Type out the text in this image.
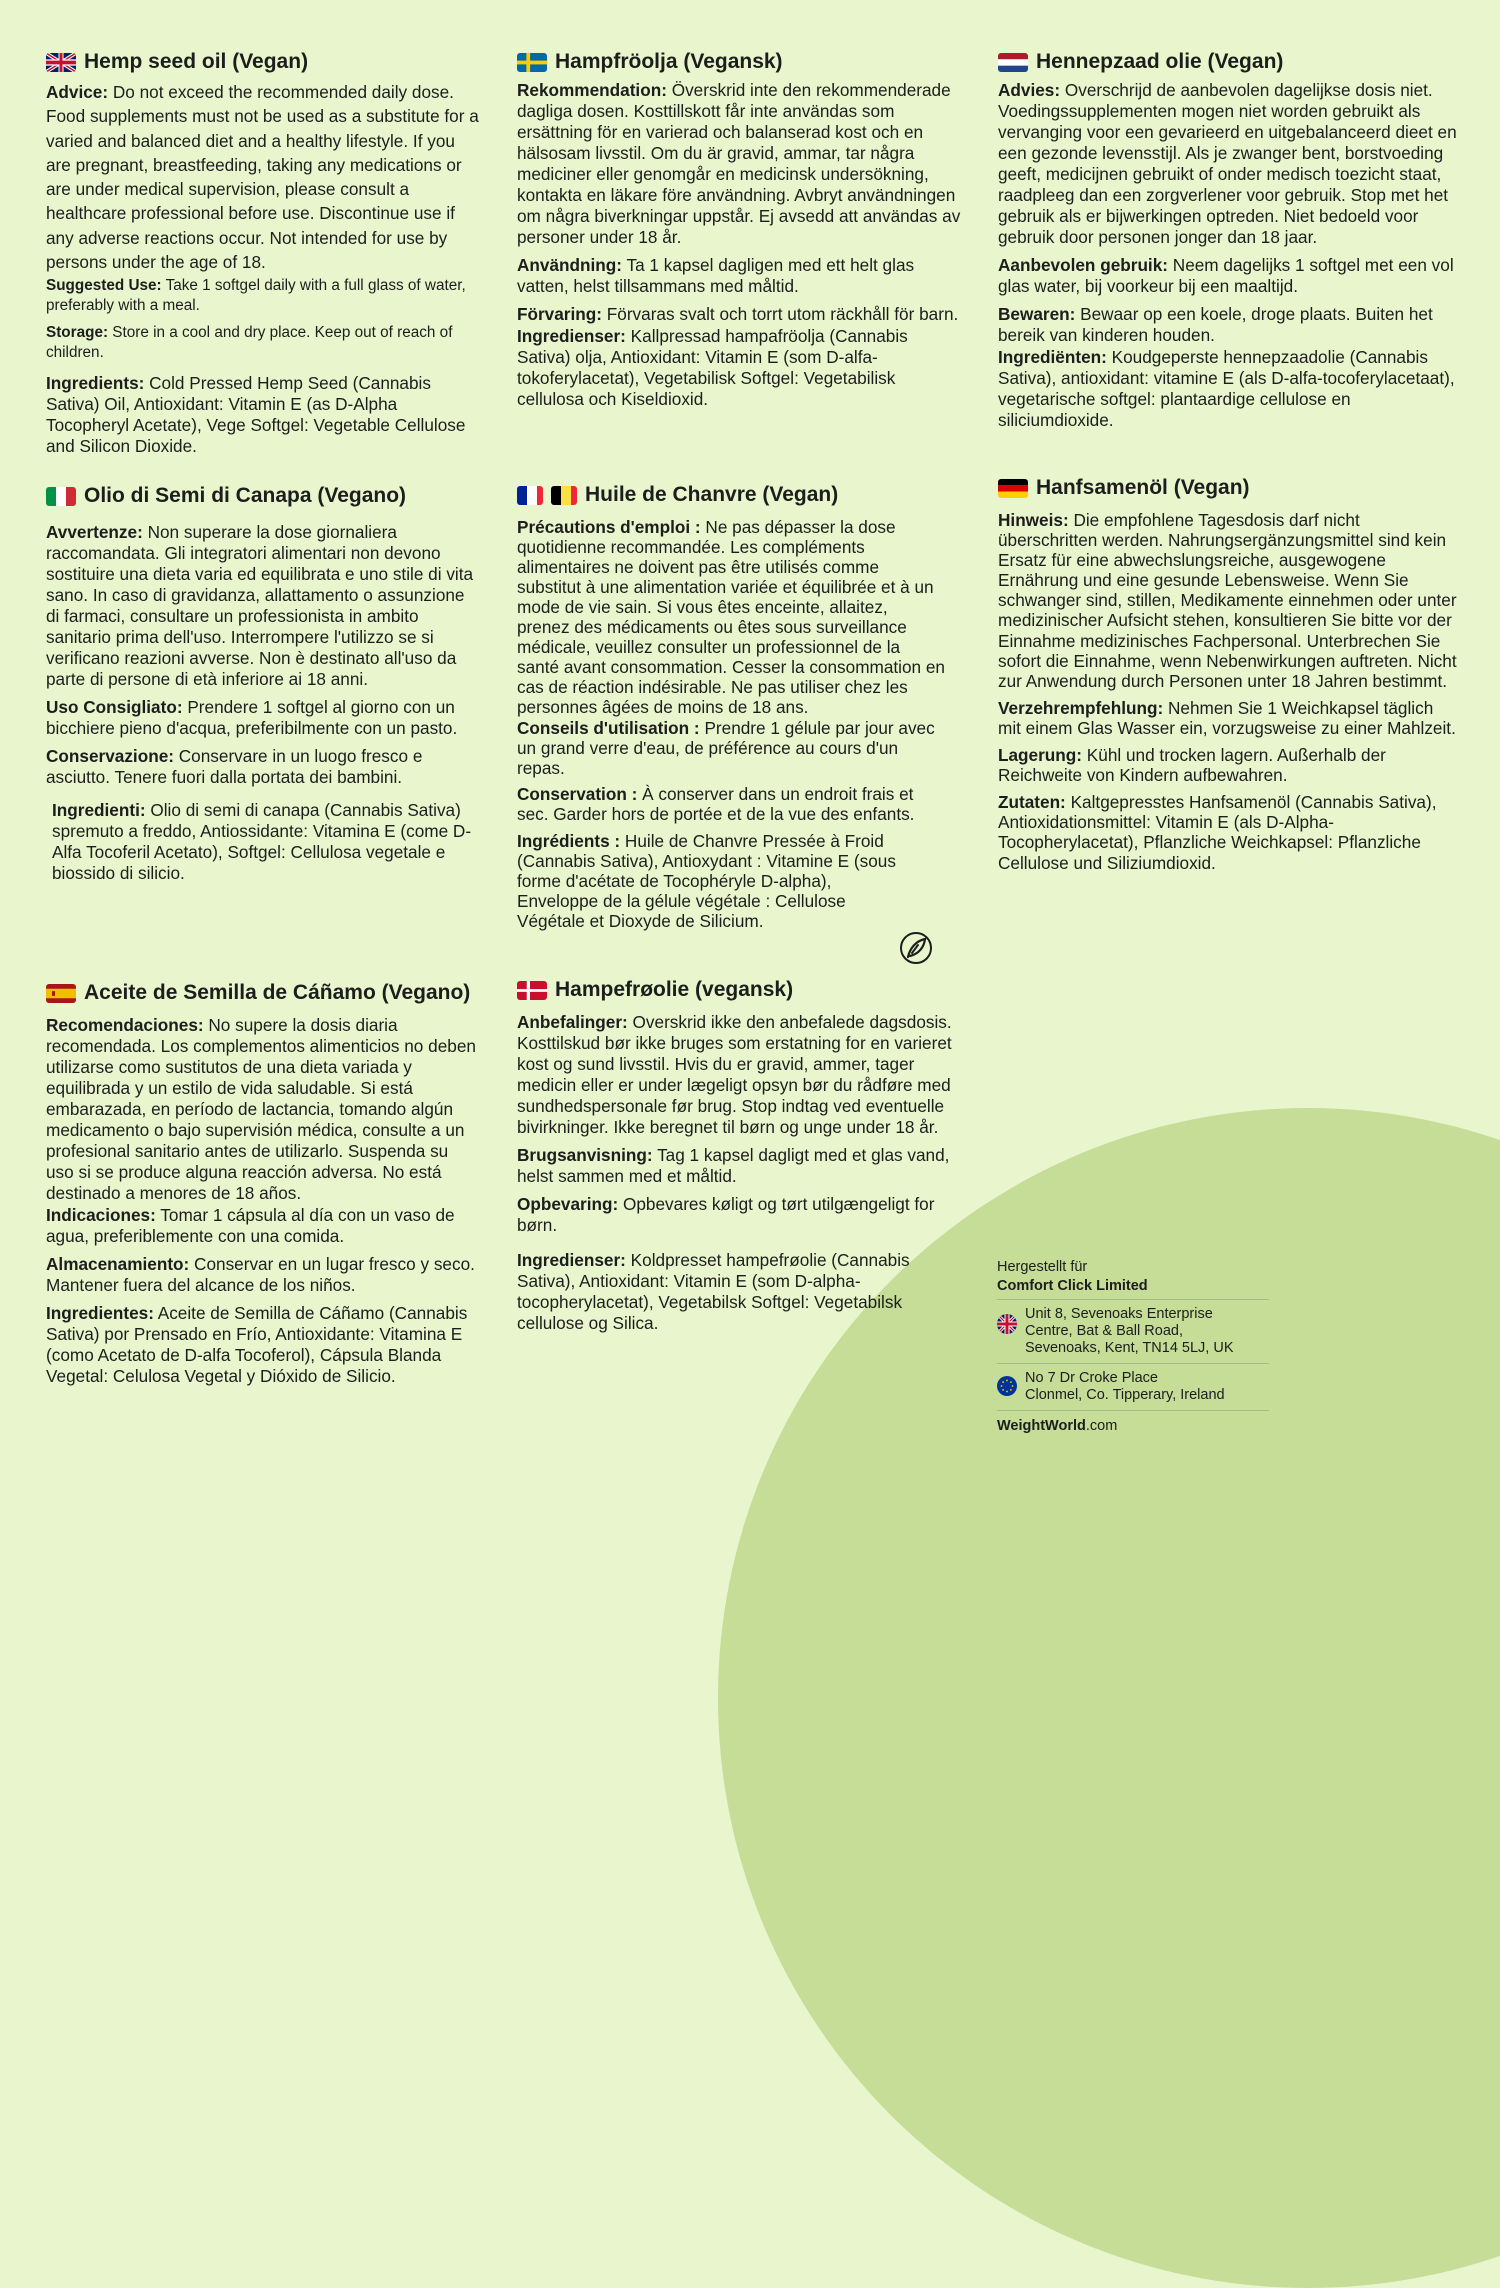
Hemp seed oil (Vegan)

Advice: Do not exceed the recommended daily dose. Food supplements must not be used as a substitute for a varied and balanced diet and a healthy lifestyle. If you are pregnant, breastfeeding, taking any medications or are under medical supervision, please consult a healthcare professional before use. Discontinue use if any adverse reactions occur. Not intended for use by persons under the age of 18.

Suggested Use: Take 1 softgel daily with a full glass of water, preferably with a meal.

Storage: Store in a cool and dry place. Keep out of reach of children.

Ingredients: Cold Pressed Hemp Seed (Cannabis Sativa) Oil, Antioxidant: Vitamin E (as D-Alpha Tocopheryl Acetate), Vege Softgel: Vegetable Cellulose and Silicon Dioxide.

Hampfröolja (Vegansk)

Rekommendation: Överskrid inte den rekommenderade dagliga dosen. Kosttillskott får inte användas som ersättning för en varierad och balanserad kost och en hälsosam livsstil. Om du är gravid, ammar, tar några mediciner eller genomgår en medicinsk undersökning, kontakta en läkare före användning. Avbryt användningen om några biverkningar uppstår. Ej avsedd att användas av personer under 18 år.

Användning: Ta 1 kapsel dagligen med ett helt glas vatten, helst tillsammans med måltid.

Förvaring: Förvaras svalt och torrt utom räckhåll för barn.

Ingredienser: Kallpressad hampafröolja (Cannabis Sativa) olja, Antioxidant: Vitamin E (som D-alfa-tokoferylacetat), Vegetabilisk Softgel: Vegetabilisk cellulosa och Kiseldioxid.

Hennepzaad olie (Vegan)

Advies: Overschrijd de aanbevolen dagelijkse dosis niet. Voedingssupplementen mogen niet worden gebruikt als vervanging voor een gevarieerd en uitgebalanceerd dieet en een gezonde levensstijl. Als je zwanger bent, borstvoeding geeft, medicijnen gebruikt of onder medisch toezicht staat, raadpleeg dan een zorgverlener voor gebruik. Stop met het gebruik als er bijwerkingen optreden. Niet bedoeld voor gebruik door personen jonger dan 18 jaar.

Aanbevolen gebruik: Neem dagelijks 1 softgel met een vol glas water, bij voorkeur bij een maaltijd.

Bewaren: Bewaar op een koele, droge plaats. Buiten het bereik van kinderen houden.

Ingrediënten: Koudgeperste hennepzaadolie (Cannabis Sativa), antioxidant: vitamine E (als D-alfa-tocoferylacetaat), vegetarische softgel: plantaardige cellulose en siliciumdioxide.

Olio di Semi di Canapa (Vegano)

Avvertenze: Non superare la dose giornaliera raccomandata. Gli integratori alimentari non devono sostituire una dieta varia ed equilibrata e uno stile di vita sano. In caso di gravidanza, allattamento o assunzione di farmaci, consultare un professionista in ambito sanitario prima dell'uso. Interrompere l'utilizzo se si verificano reazioni avverse. Non è destinato all'uso da parte di persone di età inferiore ai 18 anni.

Uso Consigliato: Prendere 1 softgel al giorno con un bicchiere pieno d'acqua, preferibilmente con un pasto.

Conservazione: Conservare in un luogo fresco e asciutto. Tenere fuori dalla portata dei bambini.

Ingredienti: Olio di semi di canapa (Cannabis Sativa) spremuto a freddo, Antiossidante: Vitamina E (come D-Alfa Tocoferil Acetato), Softgel: Cellulosa vegetale e biossido di silicio.

Huile de Chanvre (Vegan)

Précautions d'emploi : Ne pas dépasser la dose quotidienne recommandée. Les compléments alimentaires ne doivent pas être utilisés comme substitut à une alimentation variée et équilibrée et à un mode de vie sain. Si vous êtes enceinte, allaitez, prenez des médicaments ou êtes sous surveillance médicale, veuillez consulter un professionnel de la santé avant consommation. Cesser la consommation en cas de réaction indésirable. Ne pas utiliser chez les personnes âgées de moins de 18 ans.

Conseils d'utilisation : Prendre 1 gélule par jour avec un grand verre d'eau, de préférence au cours d'un repas.

Conservation : À conserver dans un endroit frais et sec. Garder hors de portée et de la vue des enfants.

Ingrédients : Huile de Chanvre Pressée à Froid (Cannabis Sativa), Antioxydant : Vitamine E (sous forme d'acétate de Tocophéryle D-alpha), Enveloppe de la gélule végétale : Cellulose Végétale et Dioxyde de Silicium.

Hanfsamenöl (Vegan)

Hinweis: Die empfohlene Tagesdosis darf nicht überschritten werden. Nahrungsergänzungsmittel sind kein Ersatz für eine abwechslungsreiche, ausgewogene Ernährung und eine gesunde Lebensweise. Wenn Sie schwanger sind, stillen, Medikamente einnehmen oder unter medizinischer Aufsicht stehen, konsultieren Sie bitte vor der Einnahme medizinisches Fachpersonal. Unterbrechen Sie sofort die Einnahme, wenn Nebenwirkungen auftreten. Nicht zur Anwendung durch Personen unter 18 Jahren bestimmt.

Verzehrempfehlung: Nehmen Sie 1 Weichkapsel täglich mit einem Glas Wasser ein, vorzugsweise zu einer Mahlzeit.

Lagerung: Kühl und trocken lagern. Außerhalb der Reichweite von Kindern aufbewahren.

Zutaten: Kaltgepresstes Hanfsamenöl (Cannabis Sativa), Antioxidationsmittel: Vitamin E (als D-Alpha-Tocopherylacetat), Pflanzliche Weichkapsel: Pflanzliche Cellulose und Siliziumdioxid.

Aceite de Semilla de Cáñamo (Vegano)

Recomendaciones: No supere la dosis diaria recomendada. Los complementos alimenticios no deben utilizarse como sustitutos de una dieta variada y equilibrada y un estilo de vida saludable. Si está embarazada, en período de lactancia, tomando algún medicamento o bajo supervisión médica, consulte a un profesional sanitario antes de utilizarlo. Suspenda su uso si se produce alguna reacción adversa. No está destinado a menores de 18 años.

Indicaciones: Tomar 1 cápsula al día con un vaso de agua, preferiblemente con una comida.

Almacenamiento: Conservar en un lugar fresco y seco. Mantener fuera del alcance de los niños.

Ingredientes: Aceite de Semilla de Cáñamo (Cannabis Sativa) por Prensado en Frío, Antioxidante: Vitamina E (como Acetato de D-alfa Tocoferol), Cápsula Blanda Vegetal: Celulosa Vegetal y Dióxido de Silicio.

Hampefrøolie (vegansk)

Anbefalinger: Overskrid ikke den anbefalede dagsdosis. Kosttilskud bør ikke bruges som erstatning for en varieret kost og sund livsstil. Hvis du er gravid, ammer, tager medicin eller er under lægeligt opsyn bør du rådføre med sundhedspersonale før brug. Stop indtag ved eventuelle bivirkninger. Ikke beregnet til børn og unge under 18 år.

Brugsanvisning: Tag 1 kapsel dagligt med et glas vand, helst sammen med et måltid.

Opbevaring: Opbevares køligt og tørt utilgængeligt for børn.

Ingredienser: Koldpresset hampefrøolie (Cannabis Sativa), Antioxidant: Vitamin E (som D-alpha-tocopherylacetat), Vegetabilsk Softgel: Vegetabilsk cellulose og Silica.

Hergestellt für
Comfort Click Limited
Unit 8, Sevenoaks Enterprise
Centre, Bat & Ball Road,
Sevenoaks, Kent, TN14 5LJ, UK
No 7 Dr Croke Place
Clonmel, Co. Tipperary, Ireland
WeightWorld.com
